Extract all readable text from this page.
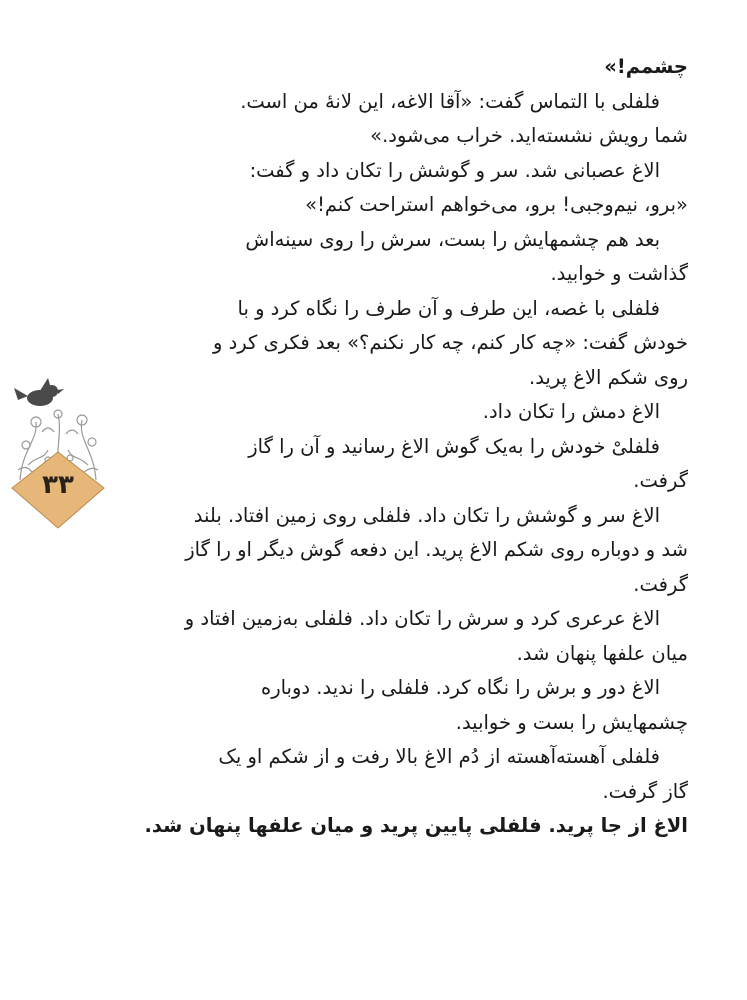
چشمم!»
فلفلی با التماس گفت: «آقا الاغه، این لانهٔ من است.
شما رویش نشسته‌اید. خراب می‌شود.»
الاغ عصبانی شد. سر و گوشش را تکان داد و گفت:
«برو، نیم‌وجبی! برو، می‌خواهم استراحت کنم!»
بعد هم چشمهایش را بست، سرش را روی سینه‌اش
گذاشت و خوابید.
فلفلی با غصه، این طرف و آن طرف را نگاه کرد و با
خودش گفت: «چه کار کنم، چه کار نکنم؟» بعد فکری کرد و
روی شکم الاغ پرید.
الاغ دمش را تکان داد.
فلفلیْ خودش را به‌یک گوش الاغ رسانید و آن را گاز
گرفت.
الاغ سر و گوشش را تکان داد. فلفلی روی زمین افتاد. بلند
شد و دوباره روی شکم الاغ پرید. این دفعه گوش دیگر او را گاز
گرفت.
الاغ عرعری کرد و سرش را تکان داد. فلفلی به‌زمین افتاد و
میان علفها پنهان شد.
الاغ دور و برش را نگاه کرد. فلفلی را ندید. دوباره
چشمهایش را بست و خوابید.
فلفلی آهسته‌آهسته از دُم الاغ بالا رفت و از شکم او یک
گاز گرفت.
الاغ از جا پرید. فلفلی پایین پرید و میان علفها پنهان شد.
۳۳
